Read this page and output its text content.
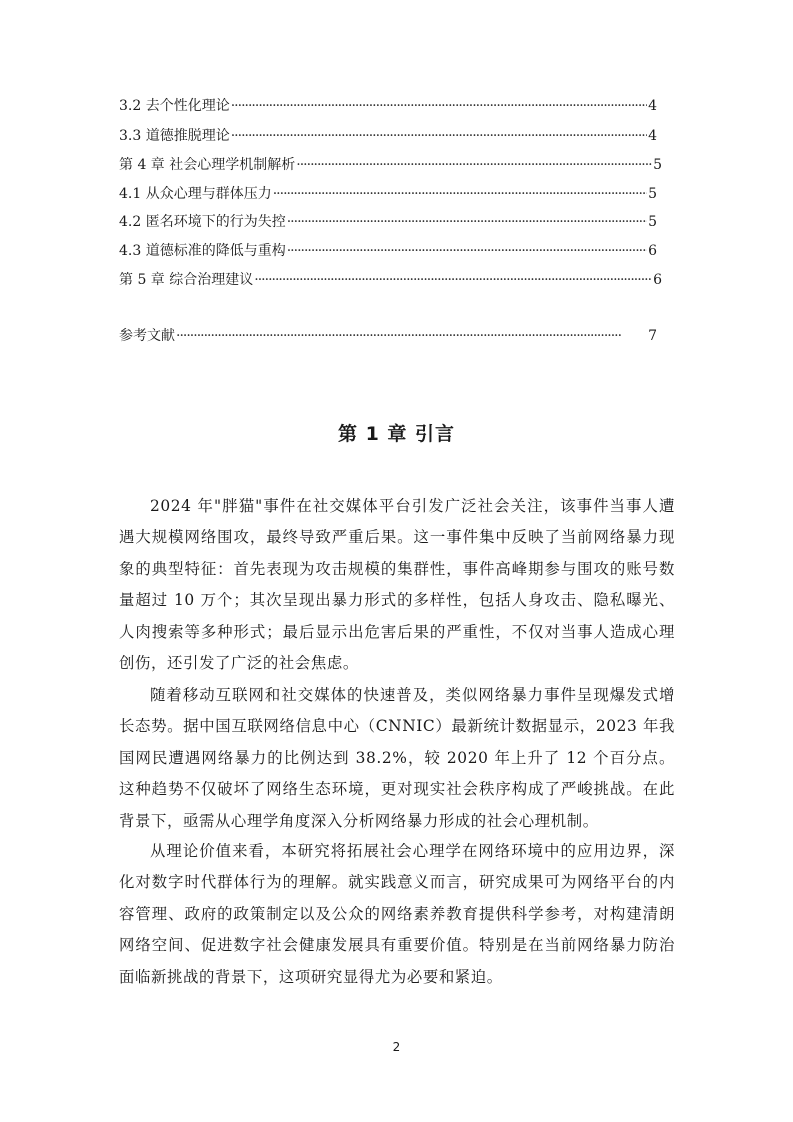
3.2 去个性化理论 ·····	4
3.3 道德推脱理论 ·····	4
第 4 章 社会心理学机制解析 ·····	5
4.1 从众心理与群体压力 ·····	5
4.2 匿名环境下的行为失控 ·····	5
4.3 道德标准的降低与重构 ·····	6
第 5 章 综合治理建议 ·····	6
参考文献 ·····	7
第 1 章 引言

2024 年"胖猫"事件在社交媒体平台引发广泛社会关注，该事件当事人遭遇大规模网络围攻，最终导致严重后果。这一事件集中反映了当前网络暴力现象的典型特征：首先表现为攻击规模的集群性，事件高峰期参与围攻的账号数量超过 10 万个；其次呈现出暴力形式的多样性，包括人身攻击、隐私曝光、人肉搜索等多种形式；最后显示出危害后果的严重性，不仅对当事人造成心理创伤，还引发了广泛的社会焦虑。

随着移动互联网和社交媒体的快速普及，类似网络暴力事件呈现爆发式增长态势。据中国互联网络信息中心（CNNIC）最新统计数据显示，2023 年我国网民遭遇网络暴力的比例达到 38.2%，较 2020 年上升了 12 个百分点。这种趋势不仅破坏了网络生态环境，更对现实社会秩序构成了严峻挑战。在此背景下，亟需从心理学角度深入分析网络暴力形成的社会心理机制。

从理论价值来看，本研究将拓展社会心理学在网络环境中的应用边界，深化对数字时代群体行为的理解。就实践意义而言，研究成果可为网络平台的内容管理、政府的政策制定以及公众的网络素养教育提供科学参考，对构建清朗网络空间、促进数字社会健康发展具有重要价值。特别是在当前网络暴力防治面临新挑战的背景下，这项研究显得尤为必要和紧迫。

2
